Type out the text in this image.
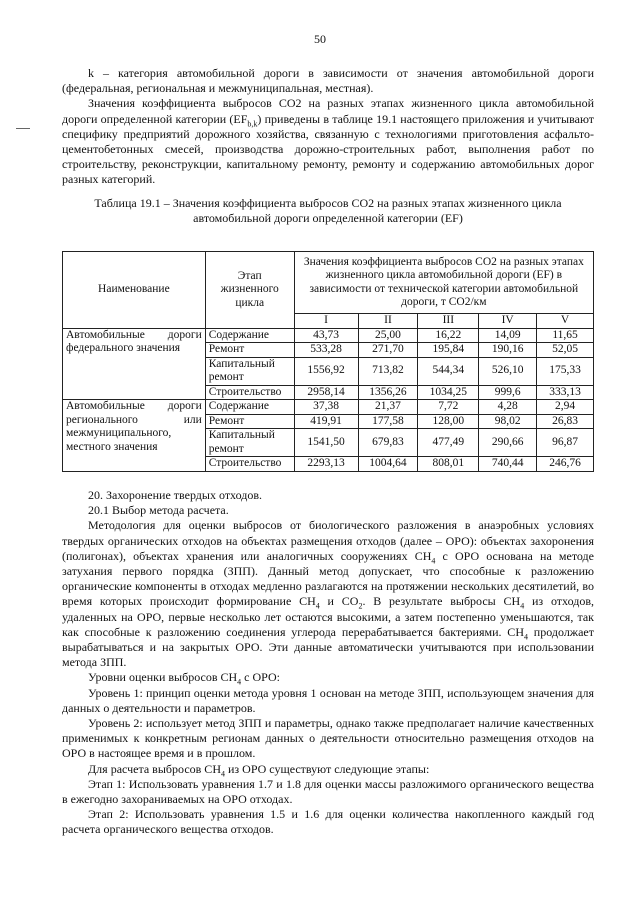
50

k – категория автомобильной дороги в зависимости от значения автомобильной дороги (федеральная, региональная и межмуниципальная, местная).

Значения коэффициента выбросов СО2 на разных этапах жизненного цикла автомобильной дороги определенной категории $(EF_{b,k})$ приведены в таблице 19.1 настоящего приложения и учитывают специфику предприятий дорожного хозяйства, связанную с технологиями приготовления асфальто-цементобетонных смесей, производства дорожно-строительных работ, выполнения работ по строительству, реконструкции, капитальному ремонту, ремонту и содержанию автомобильных дорог разных категорий.

Таблица 19.1 – Значения коэффициента выбросов СО2 на разных этапах жизненного цикла

автомобильной дороги определенной категории (EF)

Наименование	Этап жизненного цикла	Значения коэффициента выбросов СО2 на разных этапах жизненного цикла автомобильной дороги (EF) в зависимости от технической категории автомобильной дороги, т СО2/км				
		I	II	III	IV	V
Автомобильные дороги федерального значения	Содержание	43,73	25,00	16,22	14,09	11,65
	Ремонт	533,28	271,70	195,84	190,16	52,05
	Капитальный ремонт	1556,92	713,82	544,34	526,10	175,33
	Строительство	2958,14	1356,26	1034,25	999,6	333,13
Автомобильные дороги регионального или межмуниципального, местного значения	Содержание	37,38	21,37	7,72	4,28	2,94
	Ремонт	419,91	177,58	128,00	98,02	26,83
	Капитальный ремонт	1541,50	679,83	477,49	290,66	96,87
	Строительство	2293,13	1004,64	808,01	740,44	246,76

20. Захоронение твердых отходов.

20.1 Выбор метода расчета.

Методология для оценки выбросов от биологического разложения в анаэробных условиях твердых органических отходов на объектах размещения отходов (далее – ОРО): объектах захоронения (полигонах), объектах хранения или аналогичных сооружениях $СН_4$ с ОРО основана на методе затухания первого порядка (ЗПП). Данный метод допускает, что способные к разложению органические компоненты в отходах медленно разлагаются на протяжении нескольких десятилетий, во время которых происходит формирование $СН_4$ и $СО_2$. В результате выбросы $СН_4$ из отходов, удаленных на ОРО, первые несколько лет остаются высокими, а затем постепенно уменьшаются, так как способные к разложению соединения углерода перерабатывается бактериями. $СН_4$ продолжает вырабатываться и на закрытых ОРО. Эти данные автоматически учитываются при использовании метода ЗПП.

Уровни оценки выбросов $СН_4$ с ОРО:

Уровень 1: принцип оценки метода уровня 1 основан на методе ЗПП, использующем значения для данных о деятельности и параметров.

Уровень 2: использует метод ЗПП и параметры, однако также предполагает наличие качественных применимых к конкретным регионам данных о деятельности относительно размещения отходов на ОРО в настоящее время и в прошлом.

Для расчета выбросов $СН_4$ из ОРО существуют следующие этапы:

Этап 1: Использовать уравнения 1.7 и 1.8 для оценки массы разложимого органического вещества в ежегодно захораниваемых на ОРО отходах.

Этап 2: Использовать уравнения 1.5 и 1.6 для оценки количества накопленного каждый год расчета органического вещества отходов.
